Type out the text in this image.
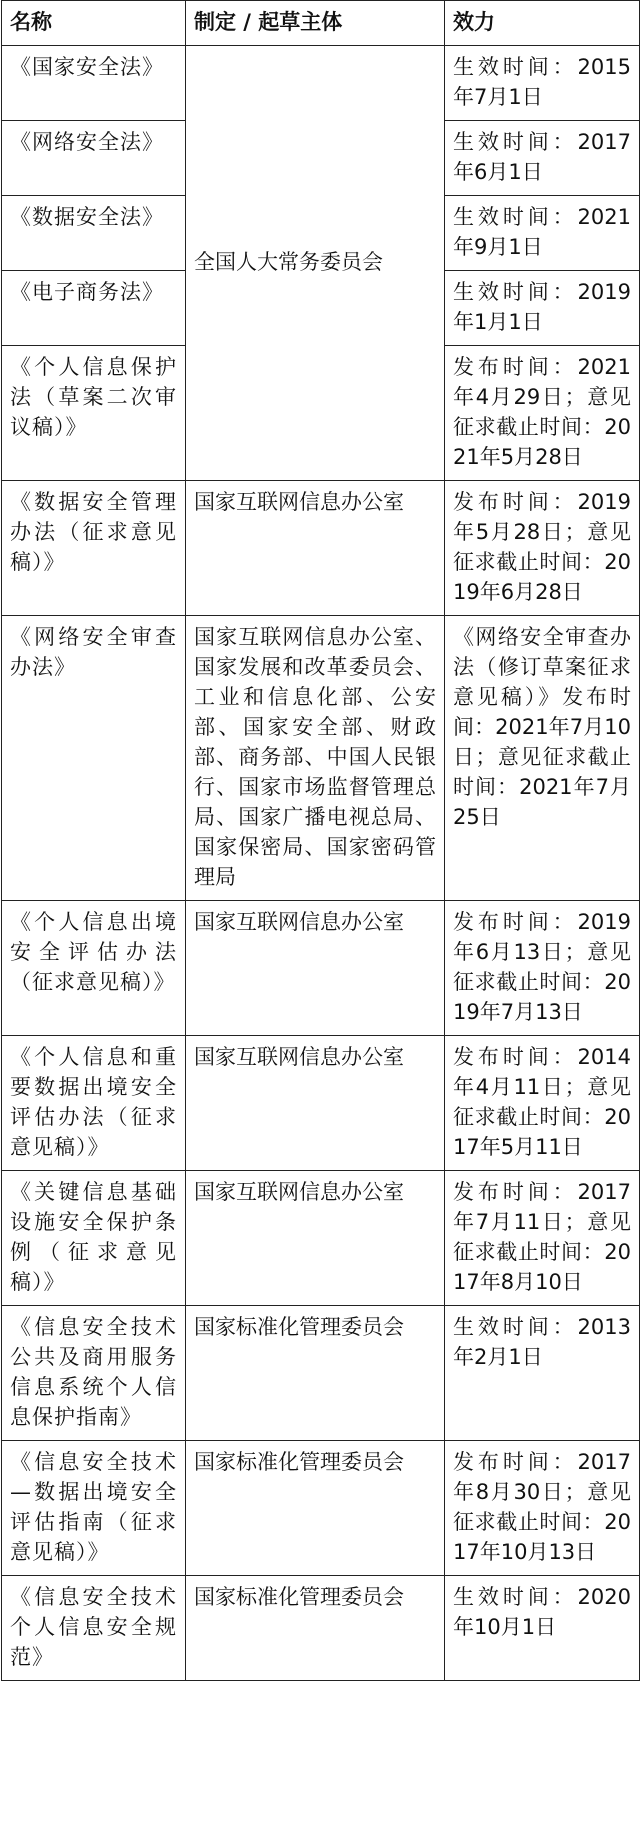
名称	制定 / 起草主体	效力
《国家安全法》	全国人大常务委员会	生效时间：2015年7月1日
《网络安全法》		生效时间：2017年6月1日
《数据安全法》		生效时间：2021年9月1日
《电子商务法》		生效时间：2019年1月1日
《个人信息保护法（草案二次审议稿）》		发布时间：2021年4月29日；意见征求截止时间：2021年5月28日
《数据安全管理办法（征求意见稿）》	国家互联网信息办公室	发布时间：2019年5月28日；意见征求截止时间：2019年6月28日
《网络安全审查办法》	国家互联网信息办公室、国家发展和改革委员会、工业和信息化部、公安部、国家安全部、财政部、商务部、中国人民银行、国家市场监督管理总局、国家广播电视总局、国家保密局、国家密码管理局	《网络安全审查办法（修订草案征求意见稿）》发布时间：2021年7月10日；意见征求截止时间：2021年7月25日
《个人信息出境安全评估办法（征求意见稿）》	国家互联网信息办公室	发布时间：2019年6月13日；意见征求截止时间：2019年7月13日
《个人信息和重要数据出境安全评估办法（征求意见稿）》	国家互联网信息办公室	发布时间：2014年4月11日；意见征求截止时间：2017年5月11日
《关键信息基础设施安全保护条例（征求意见稿）》	国家互联网信息办公室	发布时间：2017年7月11日；意见征求截止时间：2017年8月10日
《信息安全技术 公共及商用服务信息系统个人信息保护指南》	国家标准化管理委员会	生效时间：2013年2月1日
《信息安全技术—数据出境安全评估指南（征求意见稿）》	国家标准化管理委员会	发布时间：2017年8月30日；意见征求截止时间：2017年10月13日
《信息安全技术 个人信息安全规范》	国家标准化管理委员会	生效时间：2020年10月1日
